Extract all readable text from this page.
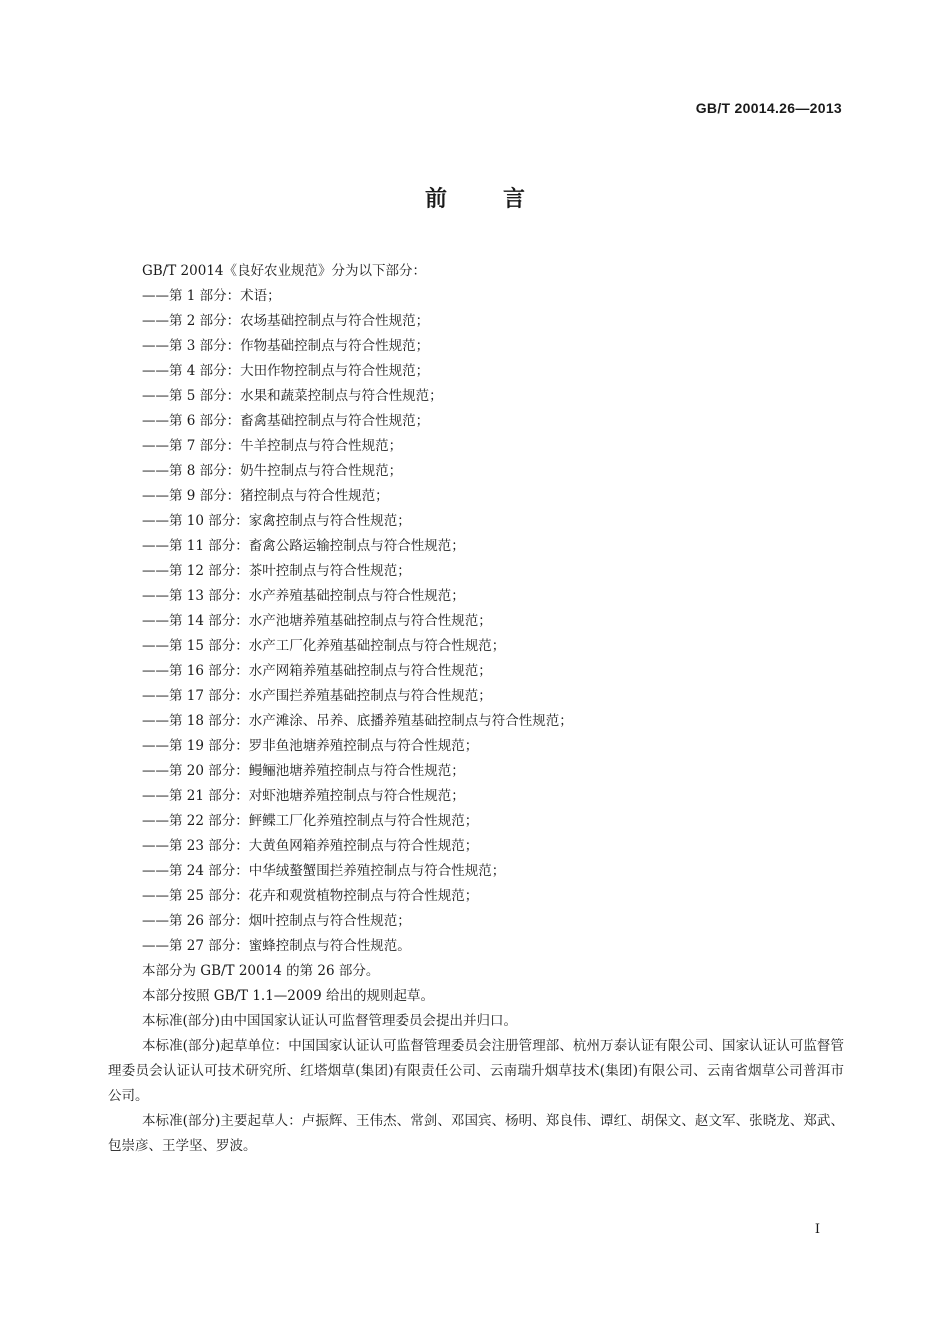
GB/T 20014.26—2013
前	言

GB/T 20014《良好农业规范》分为以下部分：

——第 1 部分：术语；

——第 2 部分：农场基础控制点与符合性规范；

——第 3 部分：作物基础控制点与符合性规范；

——第 4 部分：大田作物控制点与符合性规范；

——第 5 部分：水果和蔬菜控制点与符合性规范；

——第 6 部分：畜禽基础控制点与符合性规范；

——第 7 部分：牛羊控制点与符合性规范；

——第 8 部分：奶牛控制点与符合性规范；

——第 9 部分：猪控制点与符合性规范；

——第 10 部分：家禽控制点与符合性规范；

——第 11 部分：畜禽公路运输控制点与符合性规范；

——第 12 部分：茶叶控制点与符合性规范；

——第 13 部分：水产养殖基础控制点与符合性规范；

——第 14 部分：水产池塘养殖基础控制点与符合性规范；

——第 15 部分：水产工厂化养殖基础控制点与符合性规范；

——第 16 部分：水产网箱养殖基础控制点与符合性规范；

——第 17 部分：水产围拦养殖基础控制点与符合性规范；

——第 18 部分：水产滩涂、吊养、底播养殖基础控制点与符合性规范；

——第 19 部分：罗非鱼池塘养殖控制点与符合性规范；

——第 20 部分：鳗鲡池塘养殖控制点与符合性规范；

——第 21 部分：对虾池塘养殖控制点与符合性规范；

——第 22 部分：鲆鲽工厂化养殖控制点与符合性规范；

——第 23 部分：大黄鱼网箱养殖控制点与符合性规范；

——第 24 部分：中华绒螯蟹围拦养殖控制点与符合性规范；

——第 25 部分：花卉和观赏植物控制点与符合性规范；

——第 26 部分：烟叶控制点与符合性规范；

——第 27 部分：蜜蜂控制点与符合性规范。

本部分为 GB/T 20014 的第 26 部分。

本部分按照 GB/T 1.1—2009 给出的规则起草。

本标准(部分)由中国国家认证认可监督管理委员会提出并归口。

本标准(部分)起草单位：中国国家认证认可监督管理委员会注册管理部、杭州万泰认证有限公司、国家认证认可监督管理委员会认证认可技术研究所、红塔烟草(集团)有限责任公司、云南瑞升烟草技术(集团)有限公司、云南省烟草公司普洱市公司。

本标准(部分)主要起草人：卢振辉、王伟杰、常剑、邓国宾、杨明、郑良伟、谭红、胡保文、赵文军、张晓龙、郑武、包崇彦、王学坚、罗波。

I
